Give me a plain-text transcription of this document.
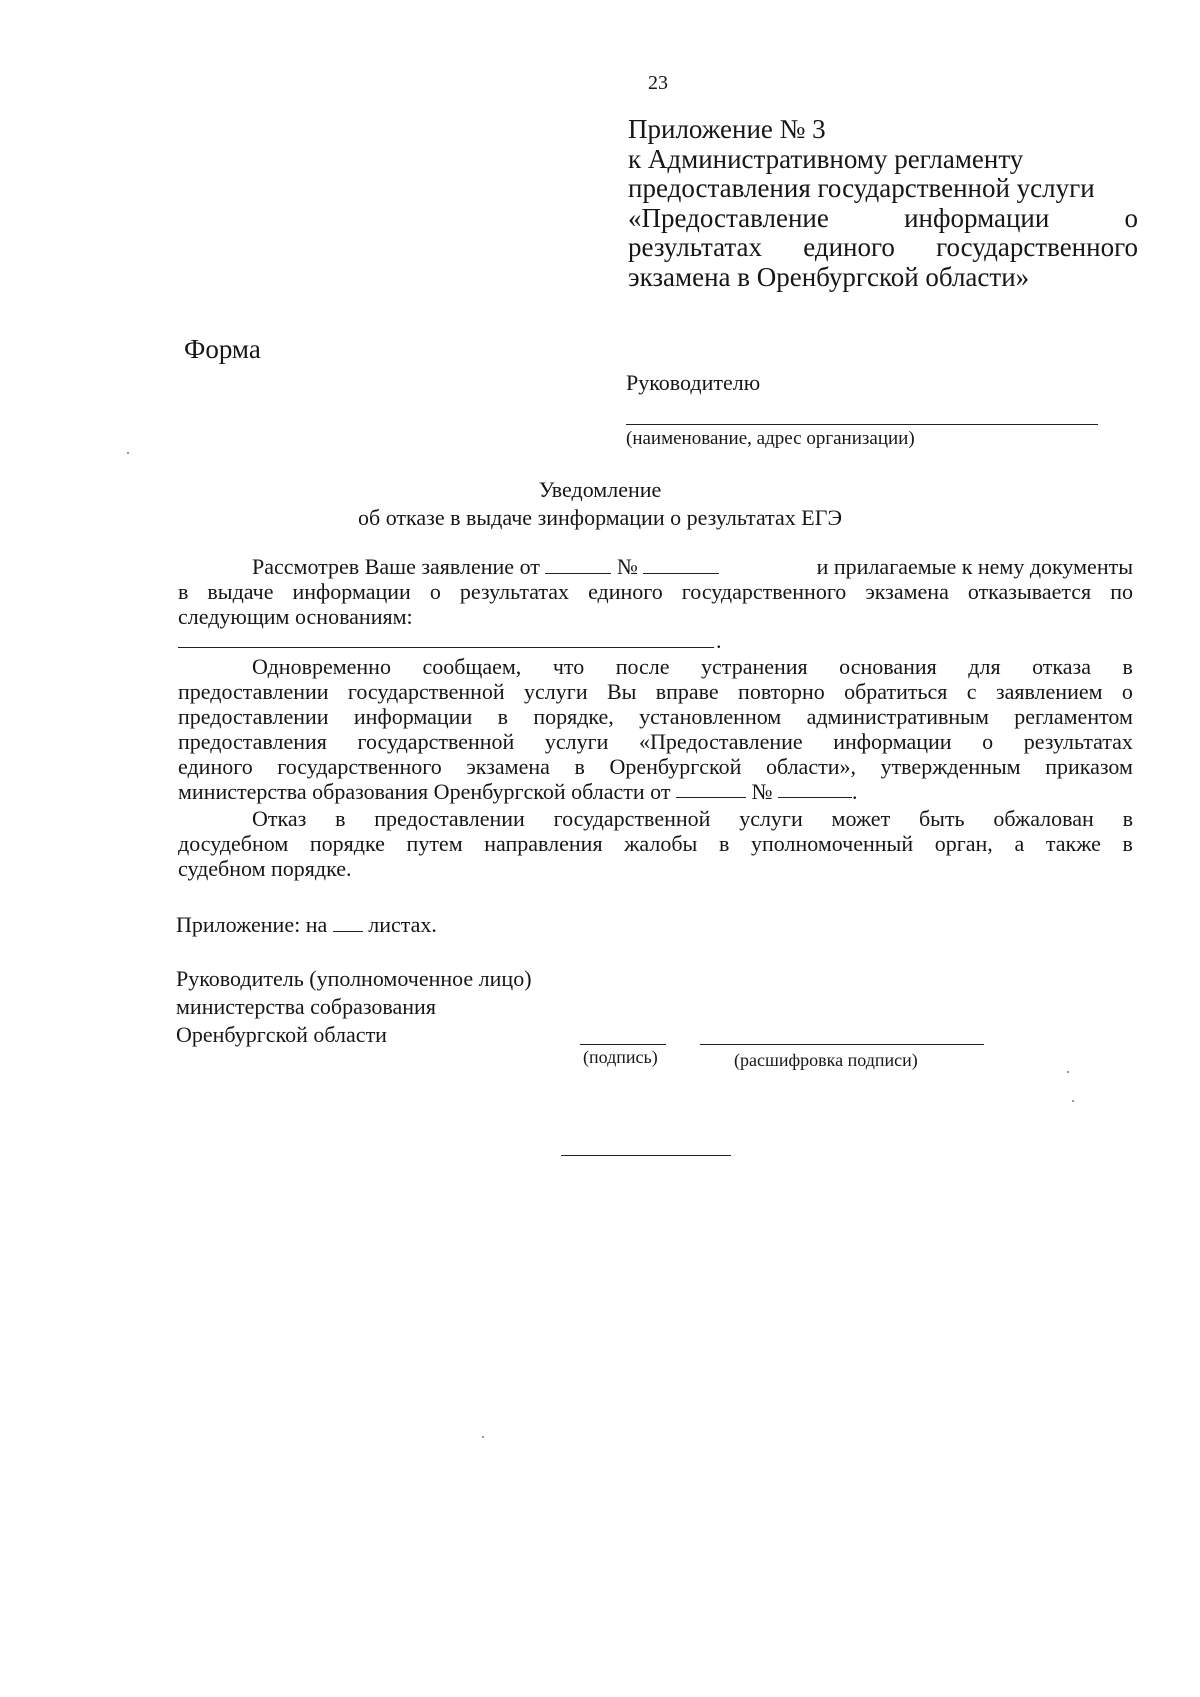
23
Приложение № 3
к Административному регламенту
предоставления государственной услуги
«Предоставление	информации	о
результатах единого государственного
экзамена в Оренбургской области»
Форма
Руководителю
(наименование, адрес организации)
Уведомление
об отказе в выдаче зинформации о результатах ЕГЭ
Рассмотрев Ваше заявление от	№	и прилагаемые к нему документы
в выдаче информации о результатах единого государственного экзамена отказывается по
следующим основаниям:
.
Одновременно сообщаем, что после устранения основания для отказа в
предоставлении государственной услуги Вы вправе повторно обратиться с заявлением о
предоставлении информации в порядке, установленном административным регламентом
предоставления государственной услуги «Предоставление информации о результатах
единого государственного экзамена в Оренбургской области», утвержденным приказом
министерства образования Оренбургской области от

	№
	.
Отказ в предоставлении государственной услуги может быть обжалован в
досудебном порядке путем направления жалобы в уполномоченный орган, а также в
судебном порядке.
Приложение: на листах.
Руководитель (уполномоченное лицо)
министерства собразования
Оренбургской области
(подпись)	(расшифровка подписи)
